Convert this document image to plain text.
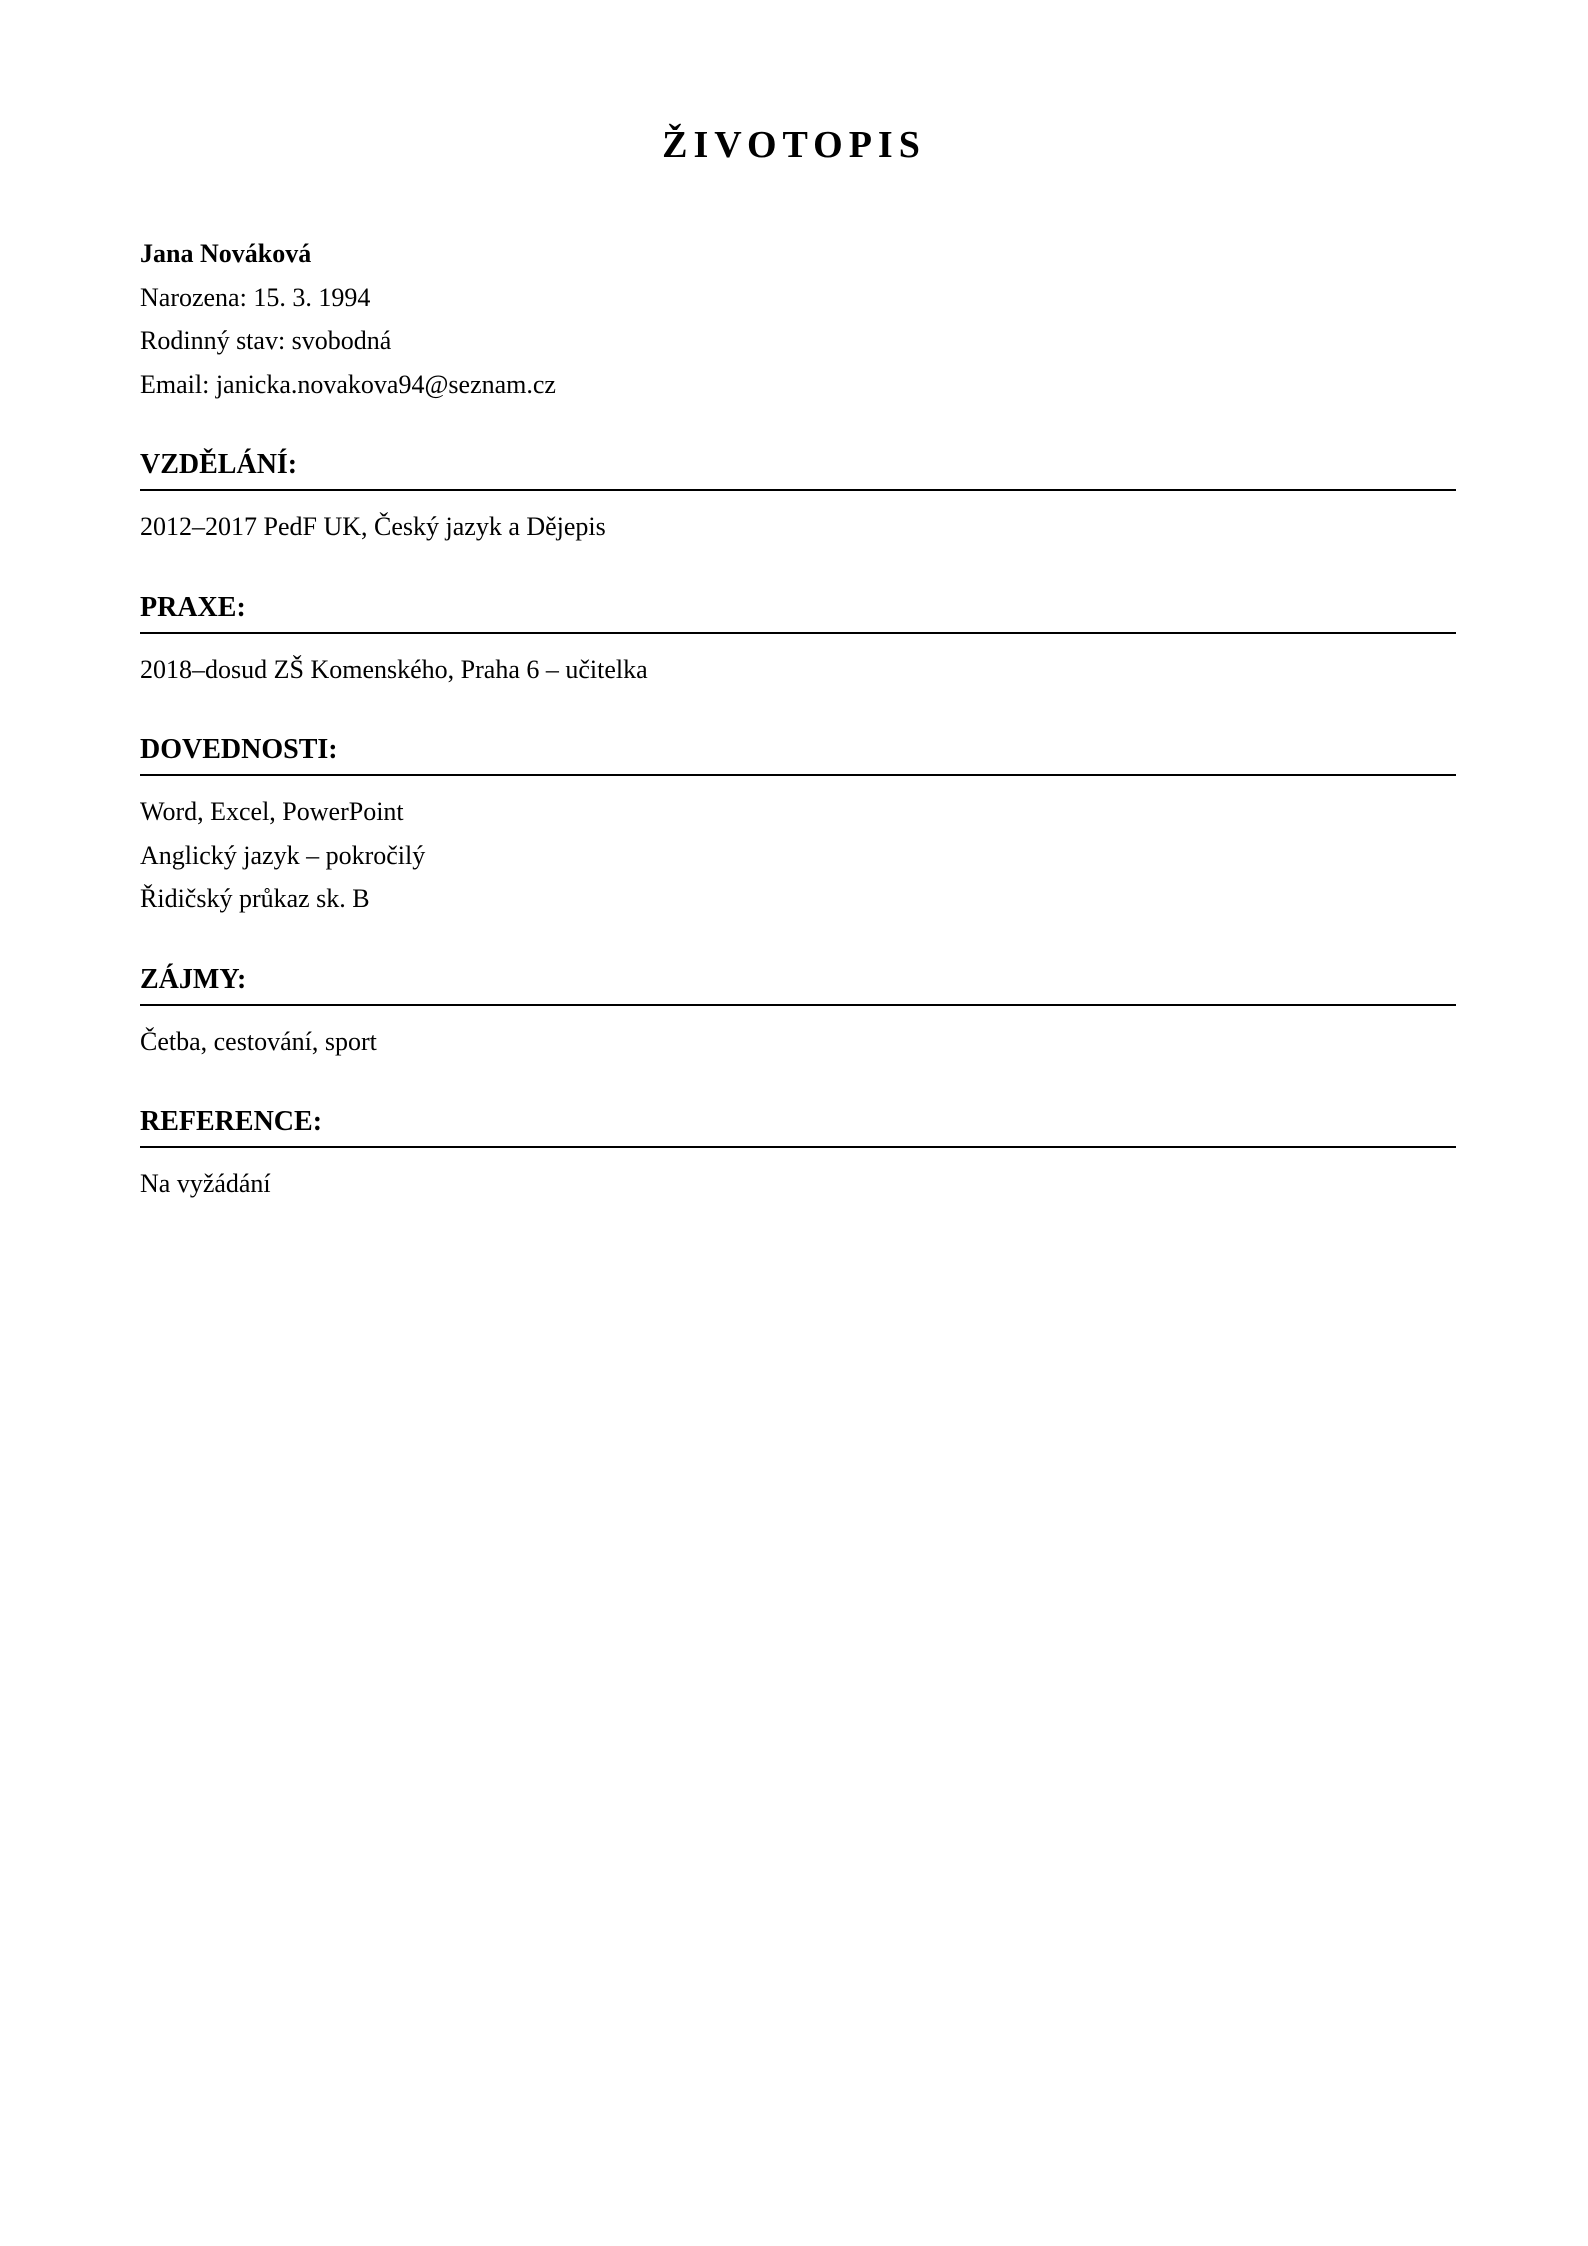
ŽIVOTOPIS
Jana Nováková
Narozena: 15. 3. 1994
Rodinný stav: svobodná
Email: janicka.novakova94@seznam.cz
VZDĚLÁNÍ:
2012–2017 PedF UK, Český jazyk a Dějepis
PRAXE:
2018–dosud ZŠ Komenského, Praha 6 – učitelka
DOVEDNOSTI:
Word, Excel, PowerPoint
Anglický jazyk – pokročilý
Řidičský průkaz sk. B
ZÁJMY:
Četba, cestování, sport
REFERENCE:
Na vyžádání
